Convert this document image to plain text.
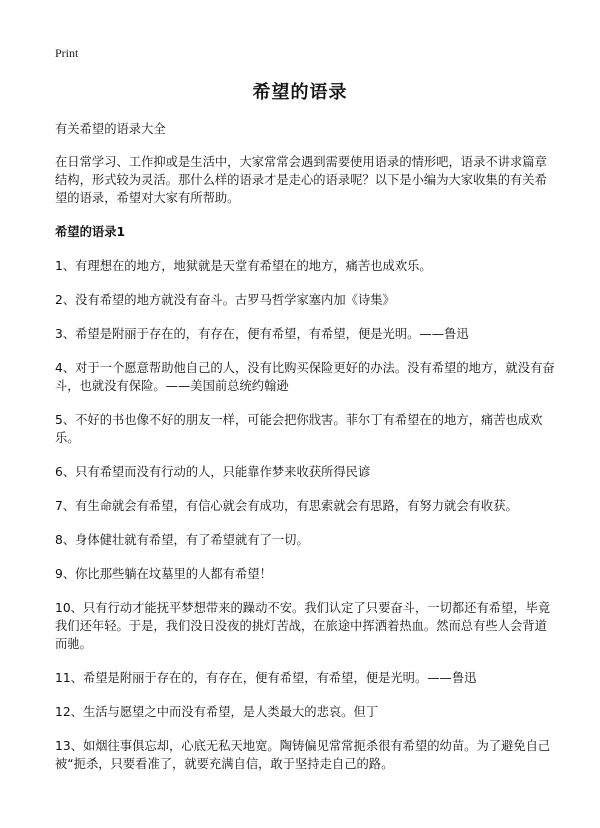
Print
希望的语录

有关希望的语录大全

在日常学习、工作抑或是生活中，大家常常会遇到需要使用语录的情形吧，语录不讲求篇章结构，形式较为灵活。那什么样的语录才是走心的语录呢？以下是小编为大家收集的有关希望的语录，希望对大家有所帮助。

希望的语录1

1、有理想在的地方，地狱就是天堂有希望在的地方，痛苦也成欢乐。

2、没有希望的地方就没有奋斗。古罗马哲学家塞内加《诗集》

3、希望是附丽于存在的，有存在，便有希望，有希望，便是光明。——鲁迅

4、对于一个愿意帮助他自己的人，没有比购买保险更好的办法。没有希望的地方，就没有奋斗，也就没有保险。——美国前总统约翰逊

5、不好的书也像不好的朋友一样，可能会把你戕害。菲尔丁有希望在的地方，痛苦也成欢乐。

6、只有希望而没有行动的人，只能靠作梦来收获所得民谚

7、有生命就会有希望，有信心就会有成功，有思索就会有思路，有努力就会有收获。

8、身体健壮就有希望，有了希望就有了一切。

9、你比那些躺在坟墓里的人都有希望！

10、只有行动才能抚平梦想带来的躁动不安。我们认定了只要奋斗，一切都还有希望，毕竟我们还年轻。于是，我们没日没夜的挑灯苦战，在旅途中挥洒着热血。然而总有些人会背道而驰。

11、希望是附丽于存在的，有存在，便有希望，有希望，便是光明。——鲁迅

12、生活与愿望之中而没有希望，是人类最大的悲哀。但丁

13、如烟往事俱忘却，心底无私天地宽。陶铸偏见常常扼杀很有希望的幼苗。为了避免自己被“扼杀，只要看准了，就要充满自信，敢于坚持走自己的路。
